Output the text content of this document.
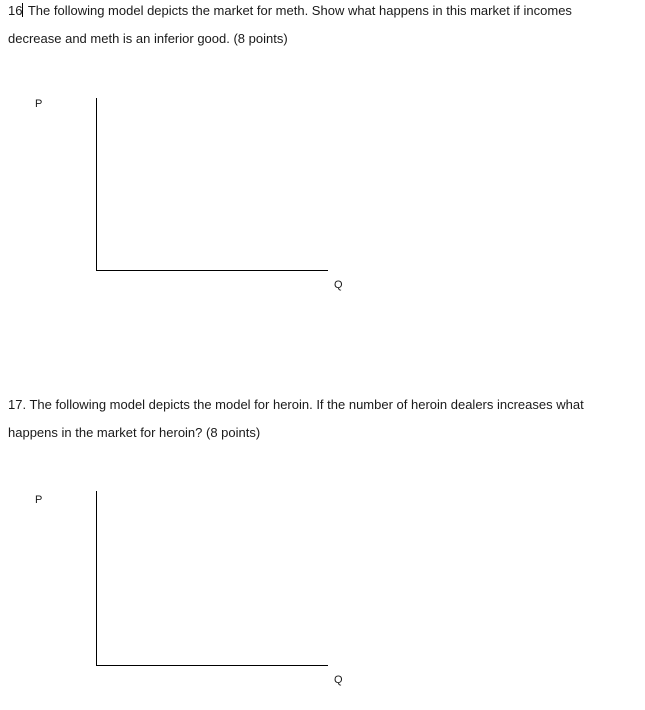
16 The following model depicts the market for meth. Show what happens in this market if incomes
decrease and meth is an inferior good. (8 points)
P
Q
17. The following model depicts the model for heroin. If the number of heroin dealers increases what
happens in the market for heroin? (8 points)
P
Q
